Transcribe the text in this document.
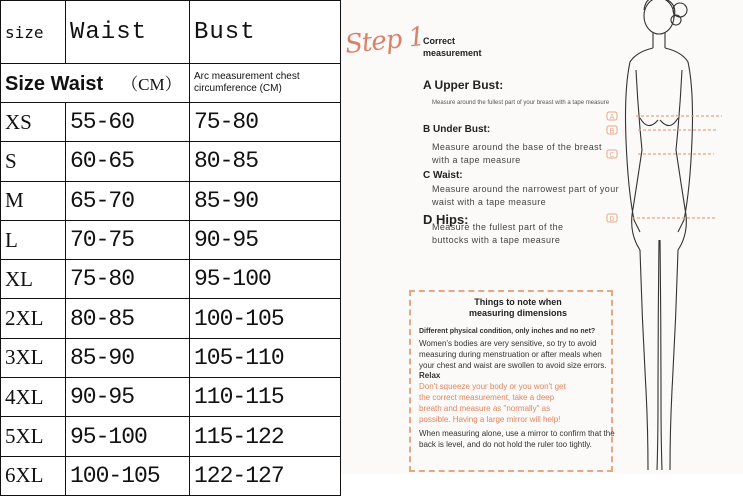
size	Waist	Bust
Size Waist （CM）		Arc measurement chest circumference (CM)
XS	55-60	75-80
S	60-65	80-85
M	65-70	85-90
L	70-75	90-95
XL	75-80	95-100
2XL	80-85	100-105
3XL	85-90	105-110
4XL	90-95	110-115
5XL	95-100	115-122
6XL	100-105	122-127
Step 1
Correct measurement
A Upper Bust:
Measure around the fullest part of your breast with a tape measure
B Under Bust:
Measure around the base of the breast with a tape measure
C Waist:
Measure around the narrowest part of your waist with a tape measure
D Hips:
Measure the fullest part of the buttocks with a tape measure
Things to note when measuring dimensions
Different physical condition, only inches and no net?
Women's bodies are very sensitive, so try to avoid
measuring during menstruation or after meals when
your chest and waist are swollen to avoid size errors.
Relax
Don't squeeze your body or you won't get
the correct measurement, take a deep
breath and measure as "normally" as
possible. Having a large mirror will help!
When measuring alone, use a mirror to confirm that the
back is level, and do not hold the ruler too tightly.
A
B
C
D
